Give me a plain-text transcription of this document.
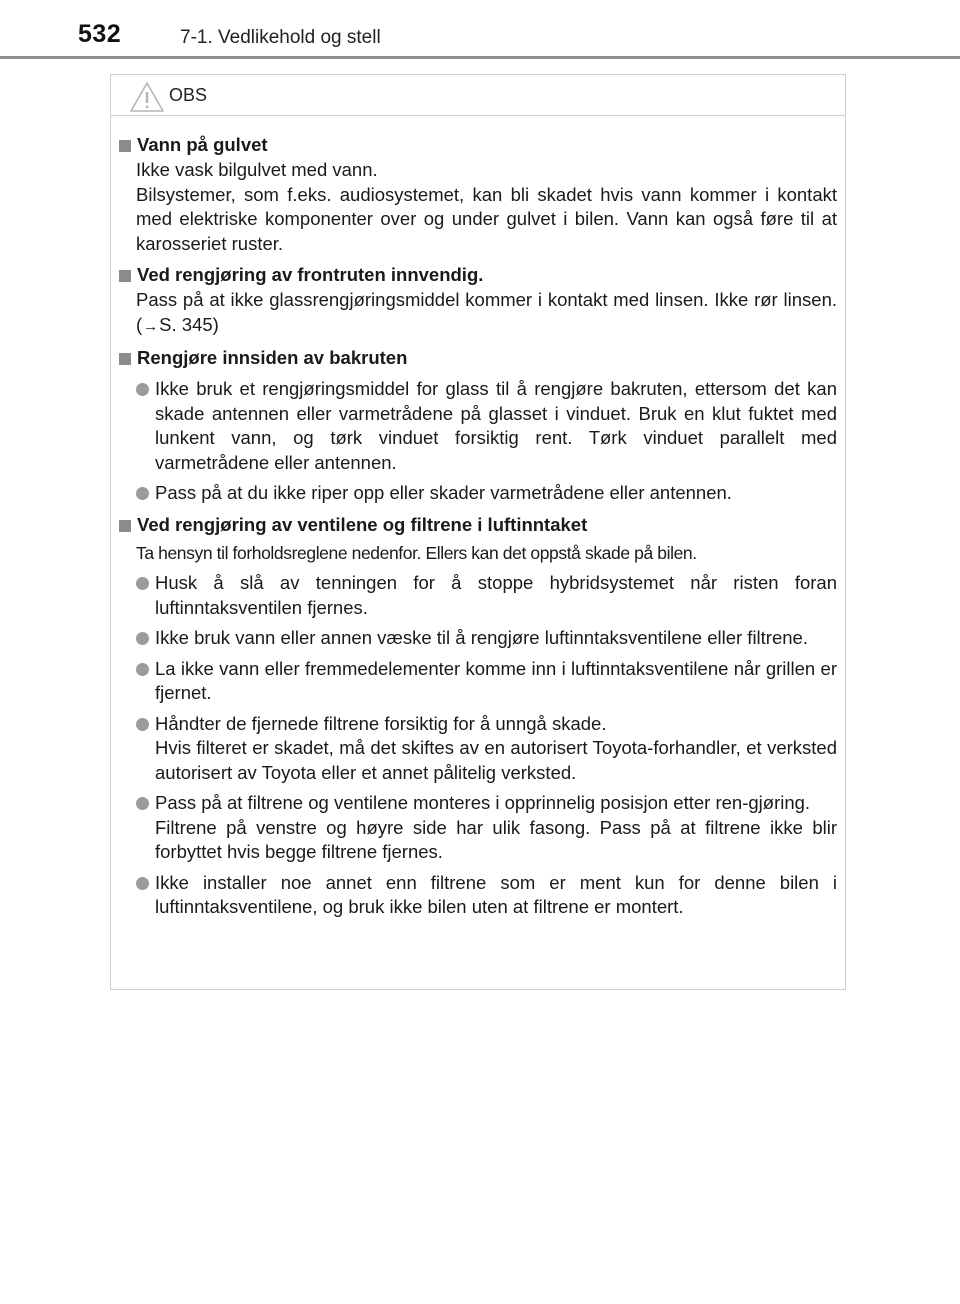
532	7-1. Vedlikehold og stell
OBS
Vann på gulvet
Ikke vask bilgulvet med vann.
Bilsystemer, som f.eks. audiosystemet, kan bli skadet hvis vann kommer i kontakt med elektriske komponenter over og under gulvet i bilen. Vann kan også føre til at karosseriet ruster.
Ved rengjøring av frontruten innvendig.
Pass på at ikke glassrengjøringsmiddel kommer i kontakt med linsen. Ikke rør linsen. (→S. 345)
Rengjøre innsiden av bakruten
Ikke bruk et rengjøringsmiddel for glass til å rengjøre bakruten, ettersom det kan skade antennen eller varmetrådene på glasset i vinduet. Bruk en klut fuktet med lunkent vann, og tørk vinduet forsiktig rent. Tørk vinduet parallelt med varmetrådene eller antennen.
Pass på at du ikke riper opp eller skader varmetrådene eller antennen.
Ved rengjøring av ventilene og filtrene i luftinntaket
Ta hensyn til forholdsreglene nedenfor. Ellers kan det oppstå skade på bilen.
Husk å slå av tenningen for å stoppe hybridsystemet når risten foran luftinntaksventilen fjernes.
Ikke bruk vann eller annen væske til å rengjøre luftinntaksventilene eller filtrene.
La ikke vann eller fremmedelementer komme inn i luftinntaksventilene når grillen er fjernet.
Håndter de fjernede filtrene forsiktig for å unngå skade.
Hvis filteret er skadet, må det skiftes av en autorisert Toyota-forhandler, et verksted autorisert av Toyota eller et annet pålitelig verksted.
Pass på at filtrene og ventilene monteres i opprinnelig posisjon etter ren-gjøring.
Filtrene på venstre og høyre side har ulik fasong. Pass på at filtrene ikke blir forbyttet hvis begge filtrene fjernes.
Ikke installer noe annet enn filtrene som er ment kun for denne bilen i luftinntaksventilene, og bruk ikke bilen uten at filtrene er montert.
